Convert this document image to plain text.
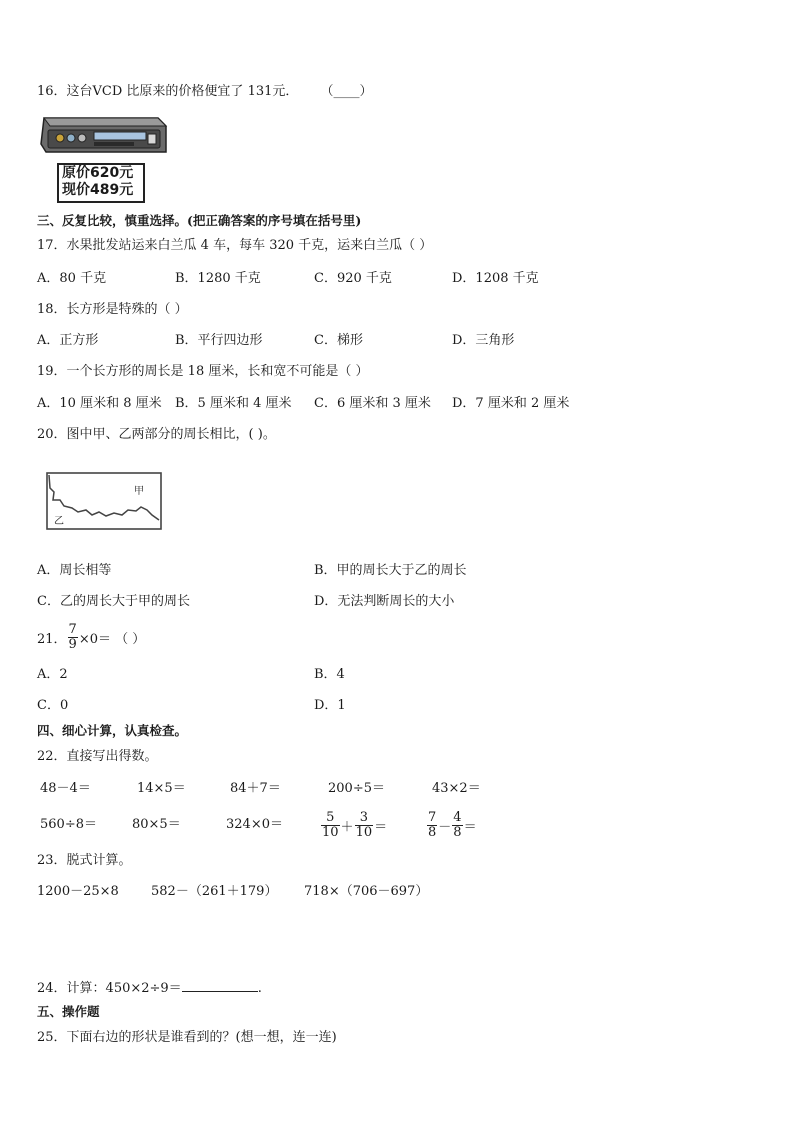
16．这台VCD 比原来的价格便宜了 131元． （____）
原价620元
现价489元
三、反复比较，慎重选择。(把正确答案的序号填在括号里)
17．水果批发站运来白兰瓜 4 车，每车 320 千克，运来白兰瓜（ ）
A．80 千克	B．1280 千克	C．920 千克	D．1208 千克
18．长方形是特殊的（ ）
A．正方形	B．平行四边形	C．梯形	D．三角形
19．一个长方形的周长是 18 厘米，长和宽不可能是（ ）
A．10 厘米和 8 厘米 B．5 厘米和 4 厘米 C．6 厘米和 3 厘米 D．7 厘米和 2 厘米
20．图中甲、乙两部分的周长相比，( )。
甲
乙
A．周长相等	B．甲的周长大于乙的周长
C．乙的周长大于甲的周长	D．无法判断周长的大小
21． $\frac{7}{9} \times 0=$ （ ）
A．2	B．4
C．0	D．1
四、细心计算，认真检查。
22．直接写出得数。
48－4＝	14×5＝	84＋7＝	200÷5＝	43×2＝
560÷8＝	80×5＝	324×0＝	$\frac{5}{10} + \frac{3}{10}$ ＝	$\frac{7}{8} - \frac{4}{8}$ ＝
23．脱式计算。
1200－25×8 582－（261＋179） 718×（706－697）
24．计算：450×2÷9＝	.
五、操作题
25．下面右边的形状是谁看到的？(想一想，连一连)
